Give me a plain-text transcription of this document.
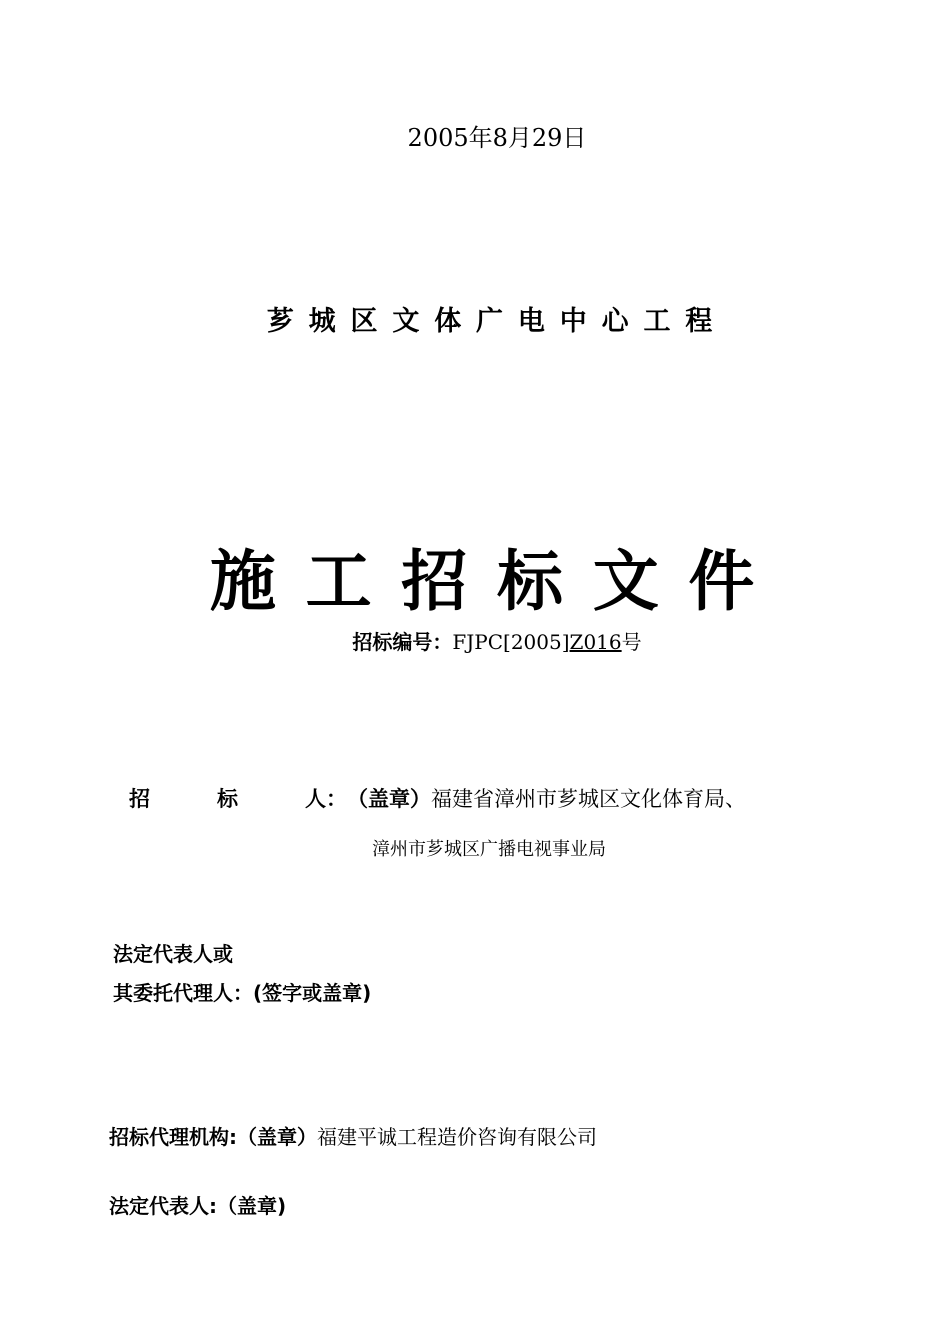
2005年8月29日
芗城区文体广电中心工程
施工招标文件
招标编号：FJPC[2005]Z016号
招	标	人：（盖章）福建省漳州市芗城区文化体育局、
漳州市芗城区广播电视事业局
法定代表人或
其委托代理人：(签字或盖章)
招标代理机构:（盖章）福建平诚工程造价咨询有限公司
法定代表人:（盖章)
